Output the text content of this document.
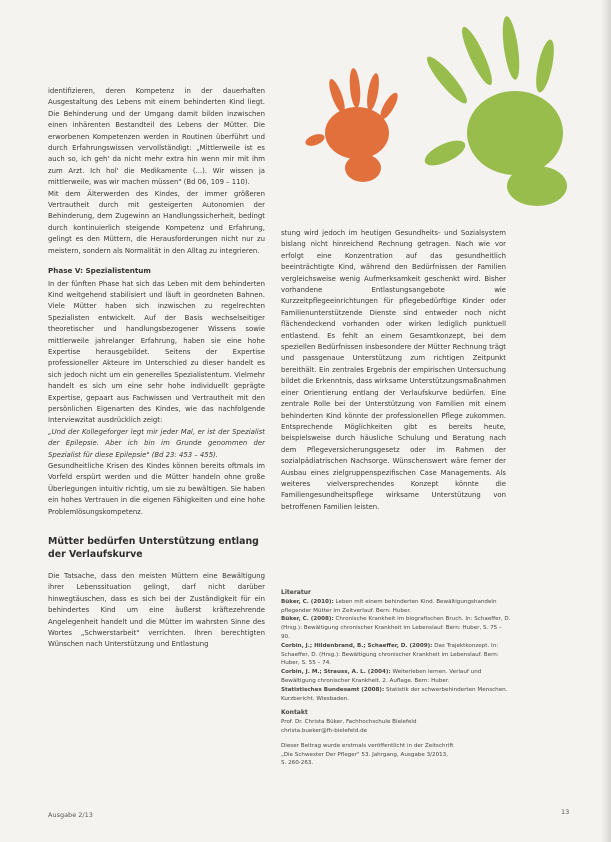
identifizieren, deren Kompetenz in der dauerhaften Ausgestaltung des Lebens mit einem behinderten Kind liegt. Die Behinderung und der Umgang damit bilden inzwischen einen inhärenten Bestandteil des Lebens der Mütter. Die erworbenen Kompetenzen werden in Routinen überführt und durch Erfahrungswissen vervollständigt: „Mittlerweile ist es auch so, ich geh' da nicht mehr extra hin wenn mir mit ihm zum Arzt. Ich hol' die Medikamente (...). Wir wissen ja mittlerweile, was wir machen müssen" (Bd 06, 109 – 110).

Mit dem Älterwerden des Kindes, der immer größeren Vertrautheit durch mit gesteigerten Autonomien der Behinderung, dem Zugewinn an Handlungssicherheit, bedingt durch kontinuierlich steigende Kompetenz und Erfahrung, gelingt es den Müttern, die Herausforderungen nicht nur zu meistern, sondern als Normalität in den Alltag zu integrieren.

Phase V: Spezialistentum

In der fünften Phase hat sich das Leben mit dem behinderten Kind weitgehend stabilisiert und läuft in geordneten Bahnen. Viele Mütter haben sich inzwischen zu regelrechten Spezialisten entwickelt. Auf der Basis wechselseitiger theoretischer und handlungsbezogener Wissens sowie mittlerweile jahrelanger Erfahrung, haben sie eine hohe Expertise herausgebildet. Seitens der Expertise professioneller Akteure im Unterschied zu dieser handelt es sich jedoch nicht um ein generelles Spezialistentum. Vielmehr handelt es sich um eine sehr hohe individuellt geprägte Expertise, gepaart aus Fachwissen und Vertrautheit mit den persönlichen Eigenarten des Kindes, wie das nachfolgende Interviewzitat ausdrücklich zeigt:

„Und der Kollegeforger legt mir jeder Mal, er ist der Spezialist der Epilepsie. Aber ich bin im Grunde genommen der Spezialist für diese Epilepsie" (Bd 23: 453 – 455).

Gesundheitliche Krisen des Kindes können bereits oftmals im Vorfeld erspürt werden und die Mütter handeln ohne große Überlegungen intuitiv richtig, um sie zu bewältigen. Sie haben ein hohes Vertrauen in die eigenen Fähigkeiten und eine hohe Problemlösungskompetenz.

Mütter bedürfen Unterstützung entlang der Verlaufskurve

Die Tatsache, dass den meisten Müttern eine Bewältigung ihrer Lebenssituation gelingt, darf nicht darüber hinwegtäuschen, dass es sich bei der Zuständigkeit für ein behindertes Kind um eine äußerst kräftezehrende Angelegenheit handelt und die Mütter im wahrsten Sinne des Wortes „Schwerstarbeit" verrichten. Ihren berechtigten Wünschen nach Unterstützung und Entlastung

stung wird jedoch im heutigen Gesundheits- und Sozialsystem bislang nicht hinreichend Rechnung getragen. Nach wie vor erfolgt eine Konzentration auf das gesundheitlich beeinträchtigte Kind, während den Bedürfnissen der Familien vergleichsweise wenig Aufmerksamkeit geschenkt wird. Bisher vorhandene Entlastungsangebote wie Kurzzeitpflegeeinrichtungen für pflegebedürftige Kinder oder Familienunterstützende Dienste sind entweder noch nicht flächendeckend vorhanden oder wirken lediglich punktuell entlastend. Es fehlt an einem Gesamtkonzept, bei dem speziellen Bedürfnissen insbesondere der Mütter Rechnung trägt und passgenaue Unterstützung zum richtigen Zeitpunkt bereithält. Ein zentrales Ergebnis der empirischen Untersuchung bildet die Erkenntnis, dass wirksame Unterstützungsmaßnahmen einer Orientierung entlang der Verlaufskurve bedürfen. Eine zentrale Rolle bei der Unterstützung von Familien mit einem behinderten Kind könnte der professionellen Pflege zukommen. Entsprechende Möglichkeiten gibt es bereits heute, beispielsweise durch häusliche Schulung und Beratung nach dem Pflegeversicherungsgesetz oder im Rahmen der sozialpädiatrischen Nachsorge. Wünschenswert wäre ferner der Ausbau eines zielgruppenspezifischen Case Managements. Als weiteres vielversprechendes Konzept könnte die Familiengesundheitspflege wirksame Unterstützung von betroffenen Familien leisten.

Literatur

Büker, C. (2010): Leben mit einem behinderten Kind. Bewältigungshandeln pflegender Mütter im Zeitverlauf. Bern: Huber.

Büker, C. (2008): Chronische Krankheit im biografischen Bruch. In: Schaeffer, D. (Hrsg.): Bewältigung chronischer Krankheit im Lebenslauf. Bern: Huber, S. 75 – 90.

Corbin, J.; Hildenbrand, B.; Schaeffer, D. (2009): Das Trajektkonzept. In: Schaeffer, D. (Hrsg.): Bewältigung chronischer Krankheit im Lebenslauf. Bern: Huber, S. 55 – 74.

Corbin, J. M.; Strauss, A. L. (2004): Weiterleben lernen. Verlauf und Bewältigung chronischer Krankheit. 2. Auflage. Bern: Huber.

Statistisches Bundesamt (2008): Statistik der schwerbehinderten Menschen. Kurzbericht. Wiesbaden.

Kontakt
Prof. Dr. Christa Büker, Fachhochschule Bielefeld
christa.bueker@fh-bielefeld.de
Dieser Beitrag wurde erstmals veröffentlicht in der Zeitschrift
„Die Schwester Der Pfleger" 53. Jahrgang, Ausgabe 3/2013,
S. 260-263.
Ausgabe 2/13	13
